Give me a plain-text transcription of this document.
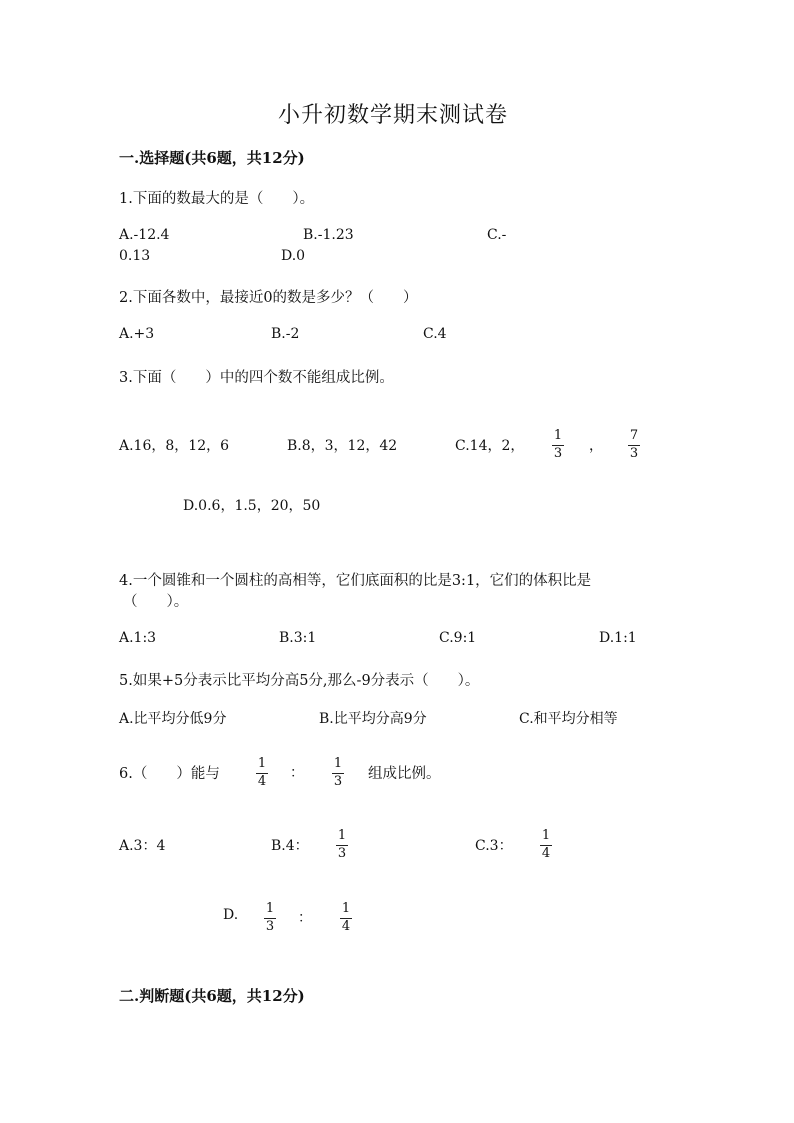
小升初数学期末测试卷
一.选择题(共6题，共12分)
1.下面的数最大的是（　　）。
A.-12.4	B.-1.23	C.-
0.13	D.0
2.下面各数中，最接近0的数是多少？（　　）
A.+3	B.-2	C.4
3.下面（　　）中的四个数不能组成比例。
A.16，8，12，6	B.8，3，12，42	C.14，2，
1
3 ，
7
3
D.0.6，1.5，20，50
4.一个圆锥和一个圆柱的高相等，它们底面积的比是3:1，它们的体积比是
（　　）。
A.1:3	B.3:1	C.9:1	D.1:1
5.如果+5分表示比平均分高5分,那么-9分表示（　　）。
A.比平均分低9分	B.比平均分高9分	C.和平均分相等
6.（　　）能与
1
4
：
1
3 组成比例。
A.3：4	B.4：
1
3	C.3：
1
4
D. 1
3
：
1
4
二.判断题(共6题，共12分)
